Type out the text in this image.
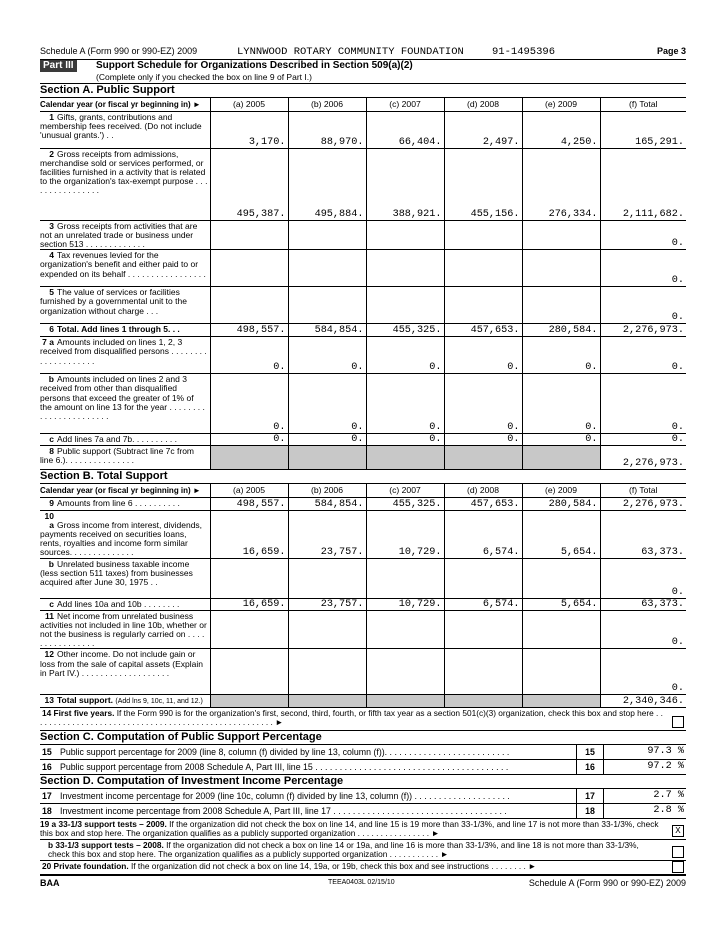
Schedule A (Form 990 or 990-EZ) 2009	LYNNWOOD ROTARY COMMUNITY FOUNDATION	91-1495396	Page 3
Part III	Support Schedule for Organizations Described in Section 509(a)(2)
(Complete only if you checked the box on line 9 of Part I.)
Section A. Public Support
Calendar year (or fiscal yr beginning in) ►	(a) 2005	(b) 2006	(c) 2007	(d) 2008	(e) 2009	(f) Total
1 Gifts, grants, contributions and membership fees received. (Do not include 'unusual grants.') . .	3,170.	88,970.	66,404.	2,497.	4,250.	165,291.
2 Gross receipts from admissions, merchandise sold or services performed, or facilities furnished in a activity that is related to the organization's tax-exempt purpose . . . . . . . . . . . . . . . .	495,387.	495,884.	388,921.	455,156.	276,334.	2,111,682.
3 Gross receipts from activities that are not an unrelated trade or business under section 513 . . . . . . . . . . . . .						0.
4 Tax revenues levied for the organization's benefit and either paid to or expended on its behalf . . . . . . . . . . . . . . . . .						0.
5 The value of services or facilities furnished by a governmental unit to the organization without charge . . .						0.
6 Total. Add lines 1 through 5. . .	498,557.	584,854.	455,325.	457,653.	280,584.	2,276,973.
7 a Amounts included on lines 1, 2, 3 received from disqualified persons . . . . . . . . . . . . . . . . . . . .	0.	0.	0.	0.	0.	0.
b Amounts included on lines 2 and 3 received from other than disqualified persons that exceed the greater of 1% of the amount on line 13 for the year . . . . . . . . . . . . . . . . . . . . . . .	0.	0.	0.	0.	0.	0.
c Add lines 7a and 7b. . . . . . . . . .	0.	0.	0.	0.	0.	0.
8 Public support (Subtract line 7c from line 6.). . . . . . . . . . . . . . .						2,276,973.
Section B. Total Support
Calendar year (or fiscal yr beginning in) ►	(a) 2005	(b) 2006	(c) 2007	(d) 2008	(e) 2009	(f) Total
9 Amounts from line 6 . . . . . . . . . .	498,557.	584,854.	455,325.	457,653.	280,584.	2,276,973.
10 a Gross income from interest, dividends, payments received on securities loans, rents, royalties and income form similar sources. . . . . . . . . . . . . .	16,659.	23,757.	10,729.	6,574.	5,654.	63,373.
b Unrelated business taxable income (less section 511 taxes) from businesses acquired after June 30, 1975 . .						0.
c Add lines 10a and 10b . . . . . . . .	16,659.	23,757.	10,729.	6,574.	5,654.	63,373.
11 Net income from unrelated business activities not included in line 10b, whether or not the business is regularly carried on . . . . . . . . . . . . . . . .						0.
12 Other income. Do not include gain or loss from the sale of capital assets (Explain in Part IV.) . . . . . . . . . . . . . . . . . . .						0.
13 Total support. (Add lns 9, 10c, 11, and 12.)						2,340,346.
14 First five years. If the Form 990 is for the organization's first, second, third, fourth, or fifth tax year as a section 501(c)(3) organization, check this box and stop here . . . . . . . . . . . . . . . . . . . . . . . . . . . . . . . . . . . . . . . . . . . . . . . . . . . . . ►
Section C. Computation of Public Support Percentage
15 Public support percentage for 2009 (line 8, column (f) divided by line 13, column (f)). . . . . . . . . . . . . . . . . . . . . . . . . .	15	97.3 %
16 Public support percentage from 2008 Schedule A, Part III, line 15 . . . . . . . . . . . . . . . . . . . . . . . . . . . . . . . . . . . . . . . .	16	97.2 %
Section D. Computation of Investment Income Percentage
17 Investment income percentage for 2009 (line 10c, column (f) divided by line 13, column (f)) . . . . . . . . . . . . . . . . . . . .	17	2.7 %
18 Investment income percentage from 2008 Schedule A, Part III, line 17 . . . . . . . . . . . . . . . . . . . . . . . . . . . . . . . . . . . .	18	2.8 %
19 a 33-1/3 support tests – 2009. If the organization did not check the box on line 14, and line 15 is 19 more than 33-1/3%, and line 17 is not more than 33-1/3%, check this box and stop here. The organization qualifies as a publicly supported organization . . . . . . . . . . . . . . . . ►	X
b 33-1/3 support tests – 2008. If the organization did not check a box on line 14 or 19a, and line 16 is more than 33-1/3%, and line 18 is not more than 33-1/3%, check this box and stop here. The organization qualifies as a publicly supported organization . . . . . . . . . . . ►
20 Private foundation. If the organization did not check a box on line 14, 19a, or 19b, check this box and see instructions . . . . . . . . ►
BAA	TEEA0403L 02/15/10	Schedule A (Form 990 or 990-EZ) 2009
